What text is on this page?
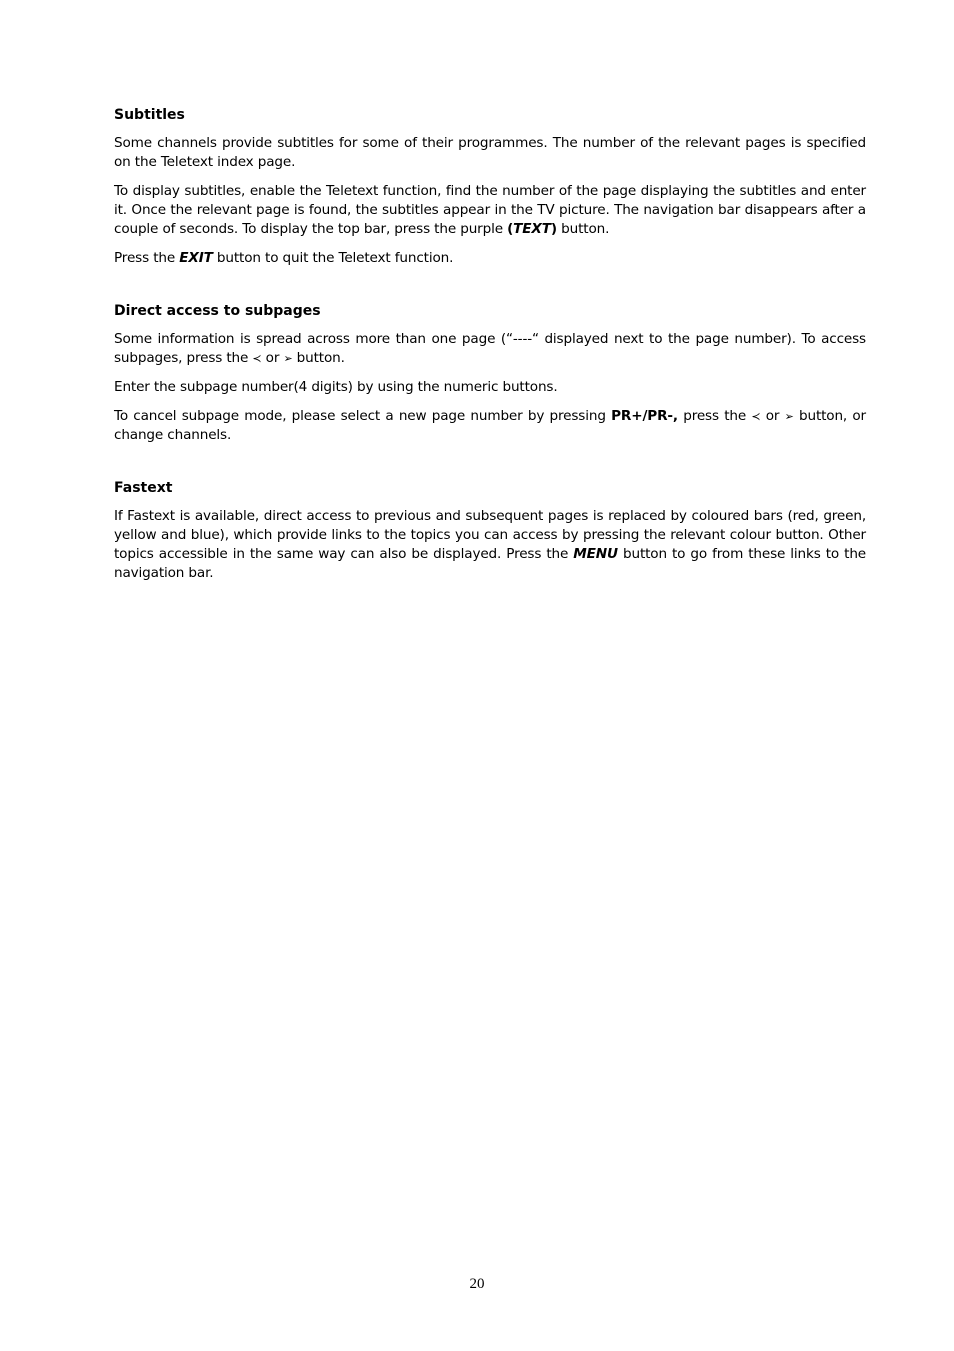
Subtitles

Some channels provide subtitles for some of their programmes. The number of the relevant pages is specified on the Teletext index page.

To display subtitles, enable the Teletext function, find the number of the page displaying the subtitles and enter it. Once the relevant page is found, the subtitles appear in the TV picture. The navigation bar disappears after a couple of seconds. To display the top bar, press the purple (TEXT) button.

Press the EXIT button to quit the Teletext function.

Direct access to subpages

Some information is spread across more than one page (“----“ displayed next to the page number). To access subpages, press the ≺ or ➢ button.

Enter the subpage number(4 digits) by using the numeric buttons.

To cancel subpage mode, please select a new page number by pressing PR+/PR-, press the ≺ or ➢ button, or change channels.

Fastext

If Fastext is available, direct access to previous and subsequent pages is replaced by coloured bars (red, green, yellow and blue), which provide links to the topics you can access by pressing the relevant colour button. Other topics accessible in the same way can also be displayed. Press the MENU button to go from these links to the navigation bar.

20
